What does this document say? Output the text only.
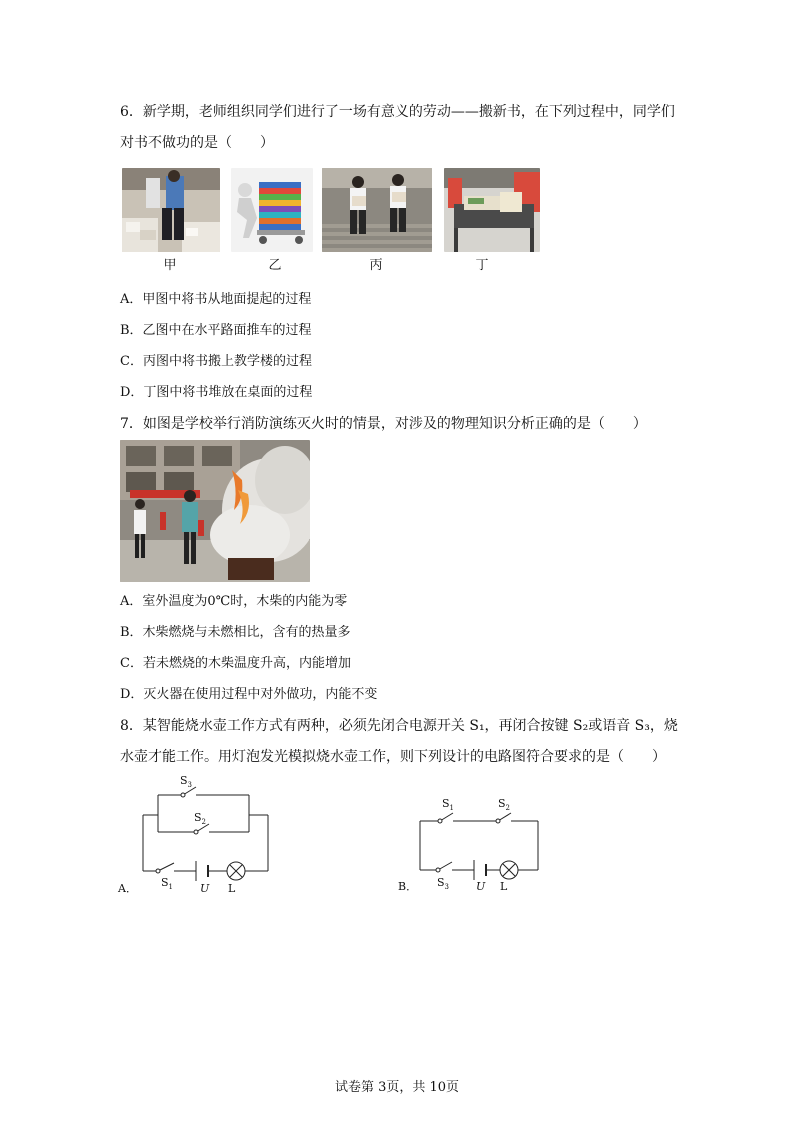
6．新学期，老师组织同学们进行了一场有意义的劳动——搬新书，在下列过程中，同学们
对书不做功的是（　　）
甲	乙	丙	丁
A．甲图中将书从地面提起的过程
B．乙图中在水平路面推车的过程
C．丙图中将书搬上教学楼的过程
D．丁图中将书堆放在桌面的过程
7．如图是学校举行消防演练灭火时的情景，对涉及的物理知识分析正确的是（　　）
A．室外温度为0℃时，木柴的内能为零
B．木柴燃烧与未燃相比，含有的热量多
C．若未燃烧的木柴温度升高，内能增加
D．灭火器在使用过程中对外做功，内能不变
8．某智能烧水壶工作方式有两种，必须先闭合电源开关 S₁，再闭合按键 S₂或语音 S₃，烧
水壶才能工作。用灯泡发光模拟烧水壶工作，则下列设计的电路图符合要求的是（　　）
$S_3$
$S_2$
$S_1$ U L
A．
$S_1$	$S_2$
$S_3$ U L
B．
试卷第 3页，共 10页
